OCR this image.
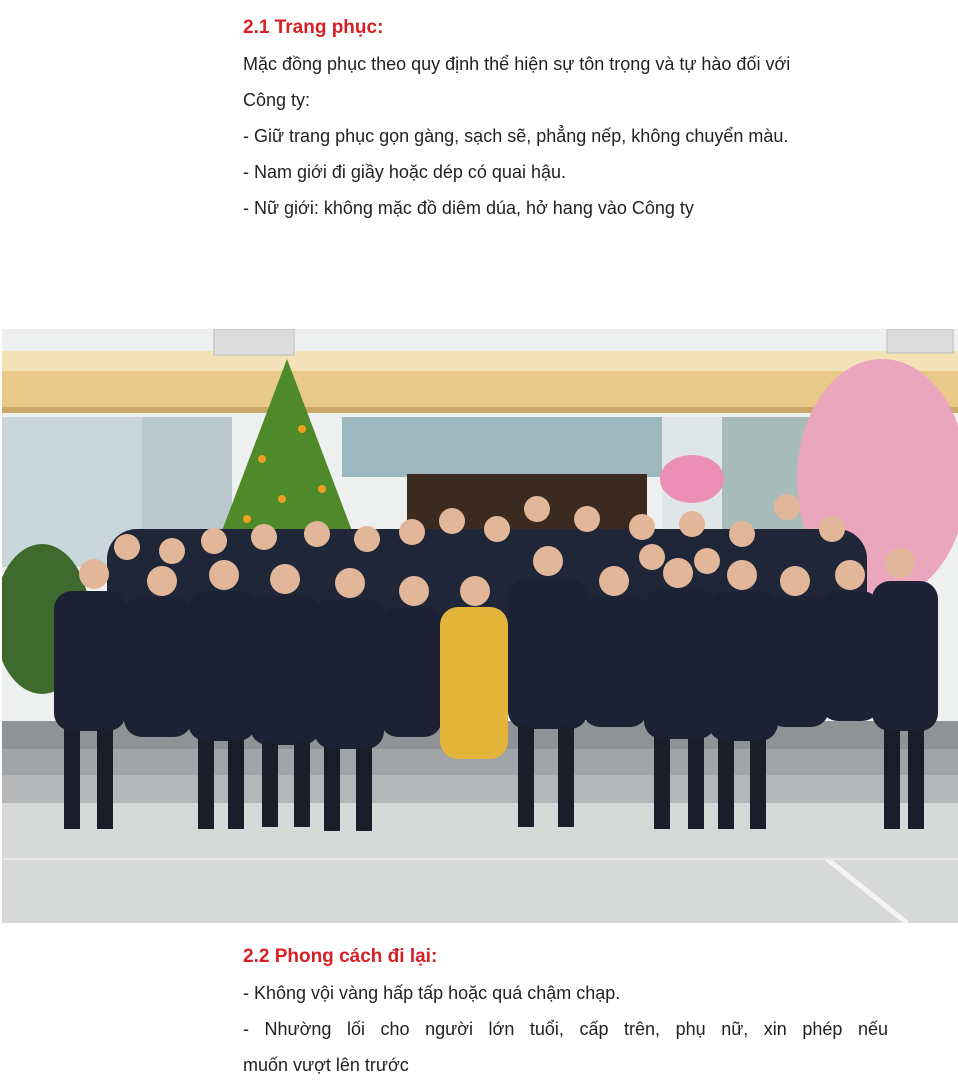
2.1 Trang phục:

Mặc đồng phục theo quy định thể hiện sự tôn trọng và tự hào đối với

Công ty:

- Giữ trang phục gọn gàng, sạch sẽ, phẳng nếp, không chuyển màu.

- Nam giới đi giầy hoặc dép có quai hậu.

- Nữ giới: không mặc đồ diêm dúa, hở hang vào Công ty

2.2 Phong cách đi lại:

- Không vội vàng hấp tấp hoặc quá chậm chạp.

- Nhường lối cho người lớn tuổi, cấp trên, phụ nữ, xin phép nếu

muốn vượt lên trước
